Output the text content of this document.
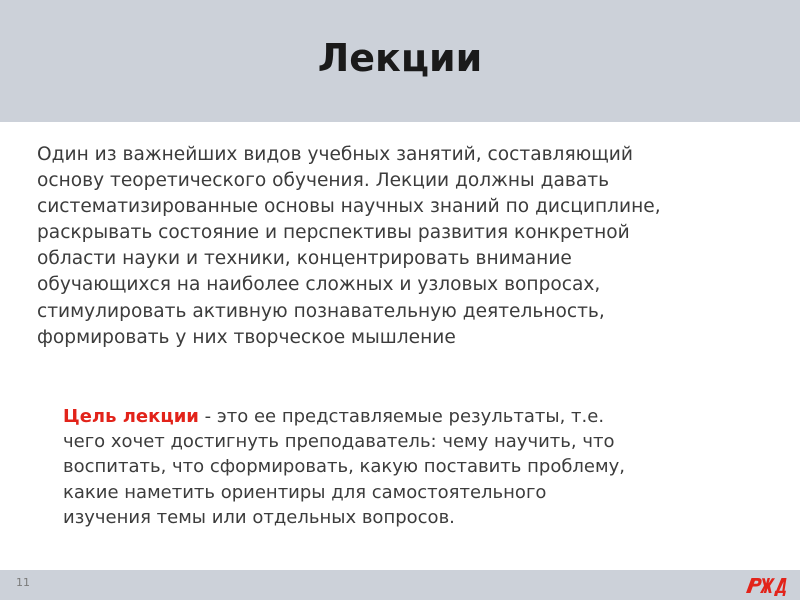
Лекции

Один из важнейших видов учебных занятий, составляющий
основу теоретического обучения. Лекции должны давать
систематизированные основы научных знаний по дисциплине,
раскрывать состояние и перспективы развития конкретной
области науки и техники, концентрировать внимание
обучающихся на наиболее сложных и узловых вопросах,
стимулировать активную познавательную деятельность,
формировать у них творческое мышление

Цель лекции - это ее представляемые результаты, т.е.
чего хочет достигнуть преподаватель: чему научить, что
воспитать, что сформировать, какую поставить проблему,
какие наметить ориентиры для самостоятельного
изучения темы или отдельных вопросов.

11
